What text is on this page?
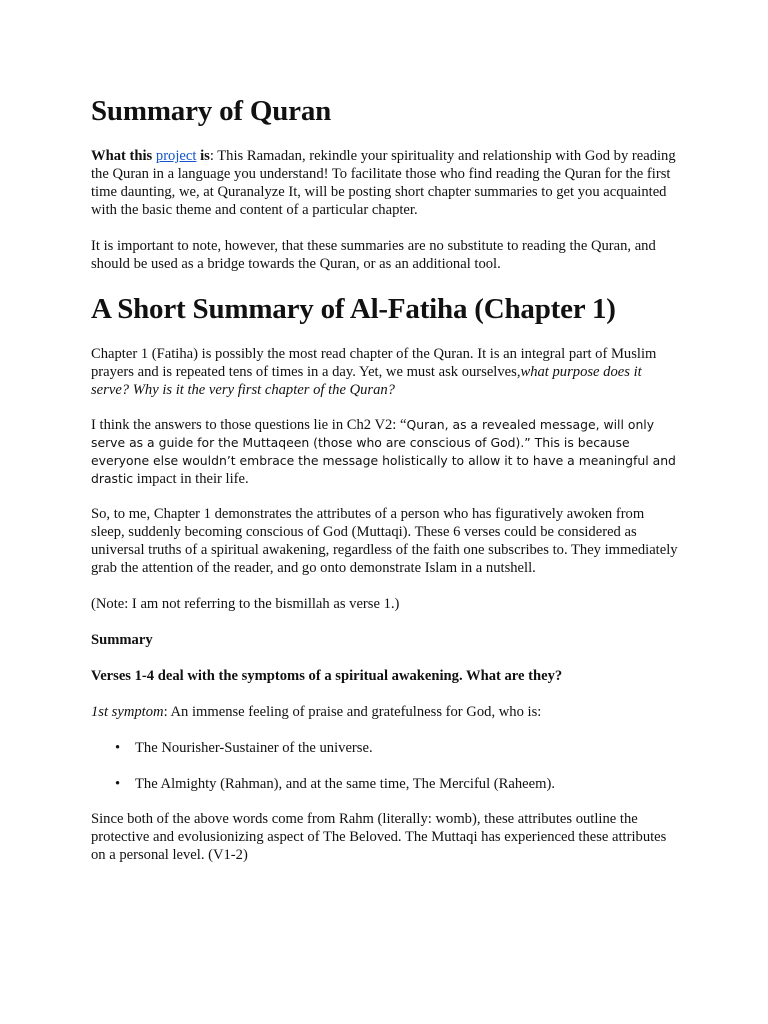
Summary of Quran

What this project is: This Ramadan, rekindle your spirituality and relationship with God by reading the Quran in a language you understand! To facilitate those who find reading the Quran for the first time daunting, we, at Quranalyze It, will be posting short chapter summaries to get you acquainted with the basic theme and content of a particular chapter.

It is important to note, however, that these summaries are no substitute to reading the Quran, and should be used as a bridge towards the Quran, or as an additional tool.

A Short Summary of Al-Fatiha (Chapter 1)

Chapter 1 (Fatiha) is possibly the most read chapter of the Quran. It is an integral part of Muslim prayers and is repeated tens of times in a day. Yet, we must ask ourselves,what purpose does it serve? Why is it the very first chapter of the Quran?

I think the answers to those questions lie in Ch2 V2: “Quran, as a revealed message, will only serve as a guide for the Muttaqeen (those who are conscious of God).” This is because everyone else wouldn’t embrace the message holistically to allow it to have a meaningful and drastic impact in their life.

So, to me, Chapter 1 demonstrates the attributes of a person who has figuratively awoken from sleep, suddenly becoming conscious of God (Muttaqi). These 6 verses could be considered as universal truths of a spiritual awakening, regardless of the faith one subscribes to. They immediately grab the attention of the reader, and go onto demonstrate Islam in a nutshell.

(Note: I am not referring to the bismillah as verse 1.)

Summary

Verses 1-4 deal with the symptoms of a spiritual awakening. What are they?

1st symptom: An immense feeling of praise and gratefulness for God, who is:

• The Nourisher-Sustainer of the universe.
• The Almighty (Rahman), and at the same time, The Merciful (Raheem).

Since both of the above words come from Rahm (literally: womb), these attributes outline the protective and evolusionizing aspect of The Beloved. The Muttaqi has experienced these attributes on a personal level. (V1-2)
